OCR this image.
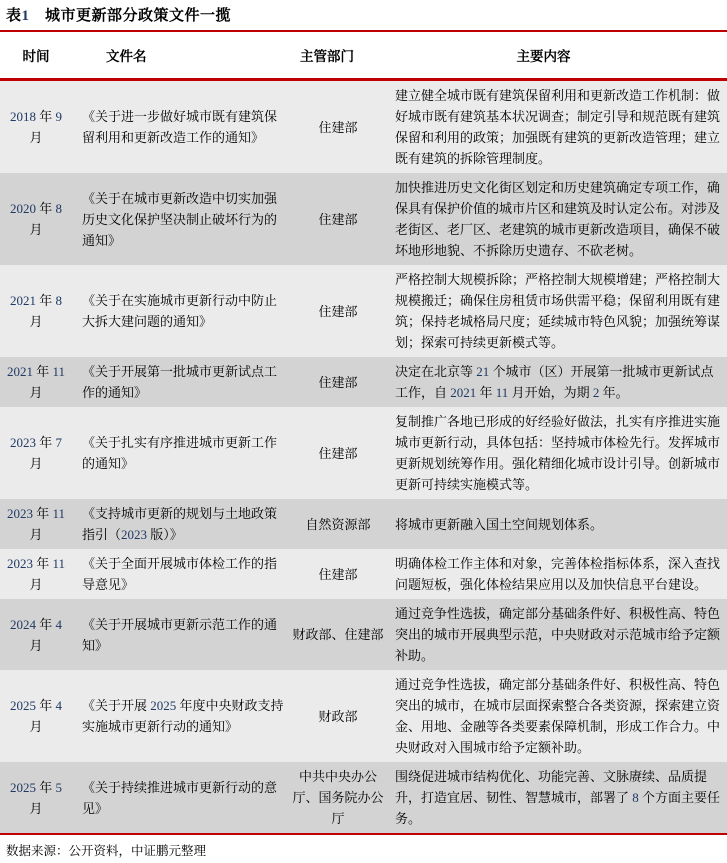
表1　城市更新部分政策文件一揽
时间	文件名	主管部门	主要内容
2018 年 9 月	《关于进一步做好城市既有建筑保留利用和更新改造工作的通知》	住建部	建立健全城市既有建筑保留利用和更新改造工作机制：做好城市既有建筑基本状况调查；制定引导和规范既有建筑保留和利用的政策；加强既有建筑的更新改造管理；建立既有建筑的拆除管理制度。
2020 年 8 月	《关于在城市更新改造中切实加强历史文化保护坚决制止破坏行为的通知》	住建部	加快推进历史文化街区划定和历史建筑确定专项工作，确保具有保护价值的城市片区和建筑及时认定公布。对涉及老街区、老厂区、老建筑的城市更新改造项目，确保不破坏地形地貌、不拆除历史遗存、不砍老树。
2021 年 8 月	《关于在实施城市更新行动中防止大拆大建问题的通知》	住建部	严格控制大规模拆除；严格控制大规模增建；严格控制大规模搬迁；确保住房租赁市场供需平稳；保留利用既有建筑；保持老城格局尺度；延续城市特色风貌；加强统筹谋划；探索可持续更新模式等。
2021 年 11 月	《关于开展第一批城市更新试点工作的通知》	住建部	决定在北京等 21 个城市（区）开展第一批城市更新试点工作，自 2021 年 11 月开始，为期 2 年。
2023 年 7 月	《关于扎实有序推进城市更新工作的通知》	住建部	复制推广各地已形成的好经验好做法，扎实有序推进实施城市更新行动，具体包括：坚持城市体检先行。发挥城市更新规划统筹作用。强化精细化城市设计引导。创新城市更新可持续实施模式等。
2023 年 11 月	《支持城市更新的规划与土地政策指引（2023 版）》	自然资源部	将城市更新融入国土空间规划体系。
2023 年 11 月	《关于全面开展城市体检工作的指导意见》	住建部	明确体检工作主体和对象，完善体检指标体系，深入查找问题短板，强化体检结果应用以及加快信息平台建设。
2024 年 4 月	《关于开展城市更新示范工作的通知》	财政部、住建部	通过竞争性选拔，确定部分基础条件好、积极性高、特色突出的城市开展典型示范，中央财政对示范城市给予定额补助。
2025 年 4 月	《关于开展 2025 年度中央财政支持实施城市更新行动的通知》	财政部	通过竞争性选拔，确定部分基础条件好、积极性高、特色突出的城市，在城市层面探索整合各类资源，探索建立资金、用地、金融等各类要素保障机制，形成工作合力。中央财政对入围城市给予定额补助。
2025 年 5 月	《关于持续推进城市更新行动的意见》	中共中央办公厅、国务院办公厅	围绕促进城市结构优化、功能完善、文脉赓续、品质提升，打造宜居、韧性、智慧城市，部署了 8 个方面主要任务。
数据来源：公开资料，中证鹏元整理
